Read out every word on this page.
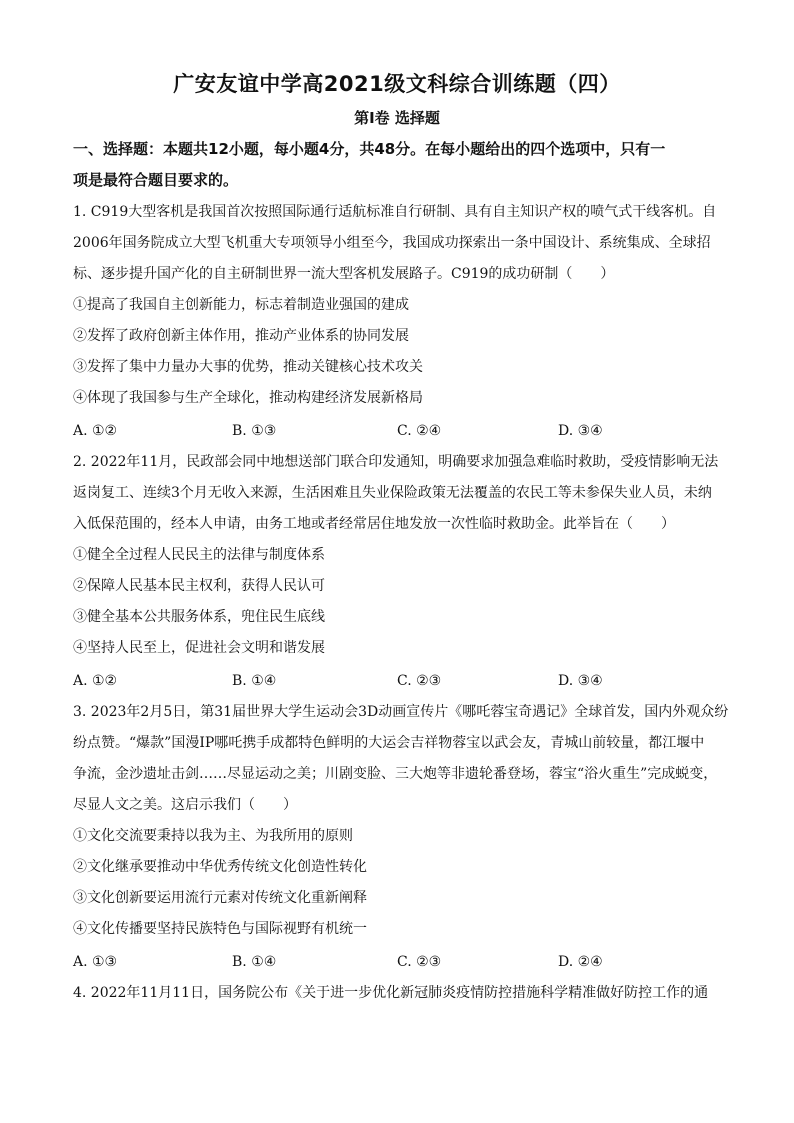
广安友谊中学高2021级文科综合训练题（四）
第Ⅰ卷 选择题
一、选择题：本题共12小题，每小题4分，共48分。在每小题给出的四个选项中，只有一
项是最符合题目要求的。
1. C919大型客机是我国首次按照国际通行适航标准自行研制、具有自主知识产权的喷气式干线客机。自
2006年国务院成立大型飞机重大专项领导小组至今，我国成功探索出一条中国设计、系统集成、全球招
标、逐步提升国产化的自主研制世界一流大型客机发展路子。C919的成功研制（　　）
①提高了我国自主创新能力，标志着制造业强国的建成
②发挥了政府创新主体作用，推动产业体系的协同发展
③发挥了集中力量办大事的优势，推动关键核心技术攻关
④体现了我国参与生产全球化，推动构建经济发展新格局
A. ①②	B. ①③	C. ②④	D. ③④
2. 2022年11月，民政部会同中地想送部门联合印发通知，明确要求加强急难临时救助，受疫情影响无法
返岗复工、连续3个月无收入来源，生活困难且失业保险政策无法覆盖的农民工等未参保失业人员，未纳
入低保范围的，经本人申请，由务工地或者经常居住地发放一次性临时救助金。此举旨在（　　）
①健全全过程人民民主的法律与制度体系
②保障人民基本民主权利，获得人民认可
③健全基本公共服务体系，兜住民生底线
④坚持人民至上，促进社会文明和谐发展
A. ①②	B. ①④	C. ②③	D. ③④
3. 2023年2月5日，第31届世界大学生运动会3D动画宣传片《哪吒蓉宝奇遇记》全球首发，国内外观众纷
纷点赞。“爆款”国漫IP哪吒携手成都特色鲜明的大运会吉祥物蓉宝以武会友，青城山前较量，都江堰中
争流，金沙遗址击剑……尽显运动之美；川剧变脸、三大炮等非遗轮番登场，蓉宝“浴火重生”完成蜕变，
尽显人文之美。这启示我们（　　）
①文化交流要秉持以我为主、为我所用的原则
②文化继承要推动中华优秀传统文化创造性转化
③文化创新要运用流行元素对传统文化重新阐释
④文化传播要坚持民族特色与国际视野有机统一
A. ①③	B. ①④	C. ②③	D. ②④
4. 2022年11月11日，国务院公布《关于进一步优化新冠肺炎疫情防控措施科学精准做好防控工作的通
